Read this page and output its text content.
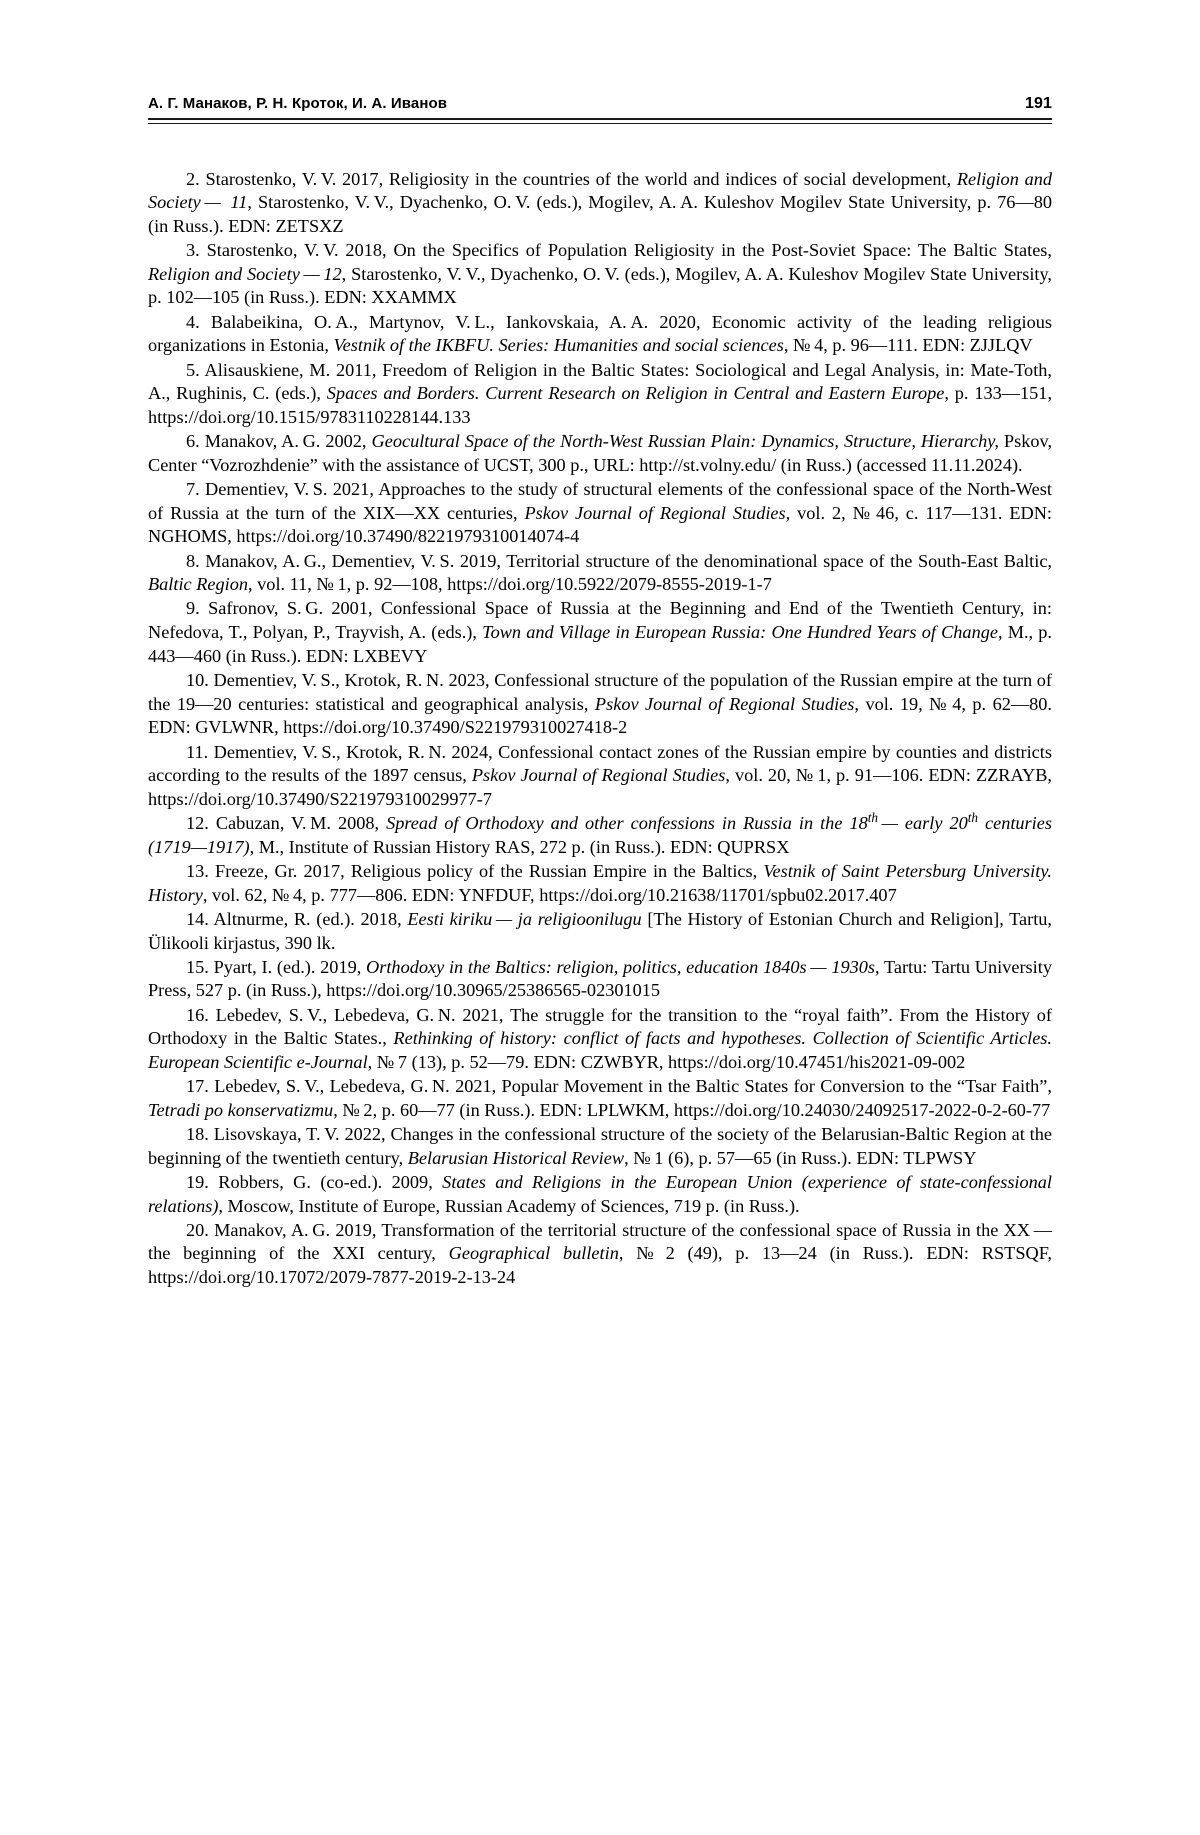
А. Г. Манаков, Р. Н. Кроток, И. А. Иванов	191

2. Starostenko, V. V. 2017, Religiosity in the countries of the world and indices of social development, Religion and Society —  11, Starostenko, V. V., Dyachenko, O. V. (eds.), Mogilev, A. A. Kuleshov Mogilev State University, p. 76—80 (in Russ.). EDN: ZETSXZ

3. Starostenko, V. V. 2018, On the Specifics of Population Religiosity in the Post-Soviet Space: The Baltic States, Religion and Society — 12, Starostenko, V. V., Dyachenko, O. V. (eds.), Mogilev, A. A. Kuleshov Mogilev State University, p. 102—105 (in Russ.). EDN: XXAMMX

4. Balabeikina, O. A., Martynov, V. L., Iankovskaia, A. A. 2020, Economic activity of the leading religious organizations in Estonia, Vestnik of the IKBFU. Series: Humanities and social sciences, № 4, p. 96—111. EDN: ZJJLQV

5. Alisauskiene, M. 2011, Freedom of Religion in the Baltic States: Sociological and Legal Analysis, in: Mate-Toth, A., Rughinis, C. (eds.), Spaces and Borders. Current Research on Religion in Central and Eastern Europe, p. 133—151, https://doi.org/10.1515/9783110228144.133

6. Manakov, A. G. 2002, Geocultural Space of the North-West Russian Plain: Dynamics, Structure, Hierarchy, Pskov, Center “Vozrozhdenie” with the assistance of UCST, 300 p., URL: http://st.volny.edu/ (in Russ.) (accessed 11.11.2024).

7. Dementiev, V. S. 2021, Approaches to the study of structural elements of the confessional space of the North-West of Russia at the turn of the XIX—XX centuries, Pskov Journal of Regional Studies, vol. 2, № 46, c. 117—131. EDN: NGHOMS, https://doi.org/10.37490/8221979310014074-4

8. Manakov, A. G., Dementiev, V. S. 2019, Territorial structure of the denominational space of the South-East Baltic, Baltic Region, vol. 11, № 1, p. 92—108, https://doi.org/10.5922/2079-8555-2019-1-7

9. Safronov, S. G. 2001, Confessional Space of Russia at the Beginning and End of the Twentieth Century, in: Nefedova, T., Polyan, P., Trayvish, A. (eds.), Town and Village in European Russia: One Hundred Years of Change, M., p. 443—460 (in Russ.). EDN: LXBEVY

10. Dementiev, V. S., Krotok, R. N. 2023, Confessional structure of the population of the Russian empire at the turn of the 19—20 centuries: statistical and geographical analysis, Pskov Journal of Regional Studies, vol. 19, № 4, p. 62—80. EDN: GVLWNR, https://doi.org/10.37490/S221979310027418-2

11. Dementiev, V. S., Krotok, R. N. 2024, Confessional contact zones of the Russian empire by counties and districts according to the results of the 1897 census, Pskov Journal of Regional Studies, vol. 20, № 1, p. 91—106. EDN: ZZRAYB, https://doi.org/10.37490/S221979310029977-7

12. Cabuzan, V. M. 2008, Spread of Orthodoxy and other confessions in Russia in the 18th — early 20th centuries (1719—1917), M., Institute of Russian History RAS, 272 p. (in Russ.). EDN: QUPRSX

13. Freeze, Gr. 2017, Religious policy of the Russian Empire in the Baltics, Vestnik of Saint Petersburg University. History, vol. 62, № 4, p. 777—806. EDN: YNFDUF, https://doi.org/10.21638/11701/spbu02.2017.407

14. Altnurme, R. (ed.). 2018, Eesti kiriku — ja religioonilugu [The History of Estonian Church and Religion], Tartu, Ülikooli kirjastus, 390 lk.

15. Pyart, I. (ed.). 2019, Orthodoxy in the Baltics: religion, politics, education 1840s — 1930s, Tartu: Tartu University Press, 527 p. (in Russ.), https://doi.org/10.30965/25386565-02301015

16. Lebedev, S. V., Lebedeva, G. N. 2021, The struggle for the transition to the “royal faith”. From the History of Orthodoxy in the Baltic States., Rethinking of history: conflict of facts and hypotheses. Collection of Scientific Articles. European Scientific e-Journal, № 7 (13), p. 52—79. EDN: CZWBYR, https://doi.org/10.47451/his2021-09-002

17. Lebedev, S. V., Lebedeva, G. N. 2021, Popular Movement in the Baltic States for Conversion to the “Tsar Faith”, Tetradi po konservatizmu, № 2, p. 60—77 (in Russ.). EDN: LPLWKM, https://doi.org/10.24030/24092517-2022-0-2-60-77

18. Lisovskaya, T. V. 2022, Changes in the confessional structure of the society of the Belarusian-Baltic Region at the beginning of the twentieth century, Belarusian Historical Review, № 1 (6), p. 57—65 (in Russ.). EDN: TLPWSY

19. Robbers, G. (co-ed.). 2009, States and Religions in the European Union (experience of state-confessional relations), Moscow, Institute of Europe, Russian Academy of Sciences, 719 p. (in Russ.).

20. Manakov, A. G. 2019, Transformation of the territorial structure of the confessional space of Russia in the XX — the beginning of the XXI century, Geographical bulletin, № 2 (49), p. 13—24 (in Russ.). EDN: RSTSQF, https://doi.org/10.17072/2079-7877-2019-2-13-24
